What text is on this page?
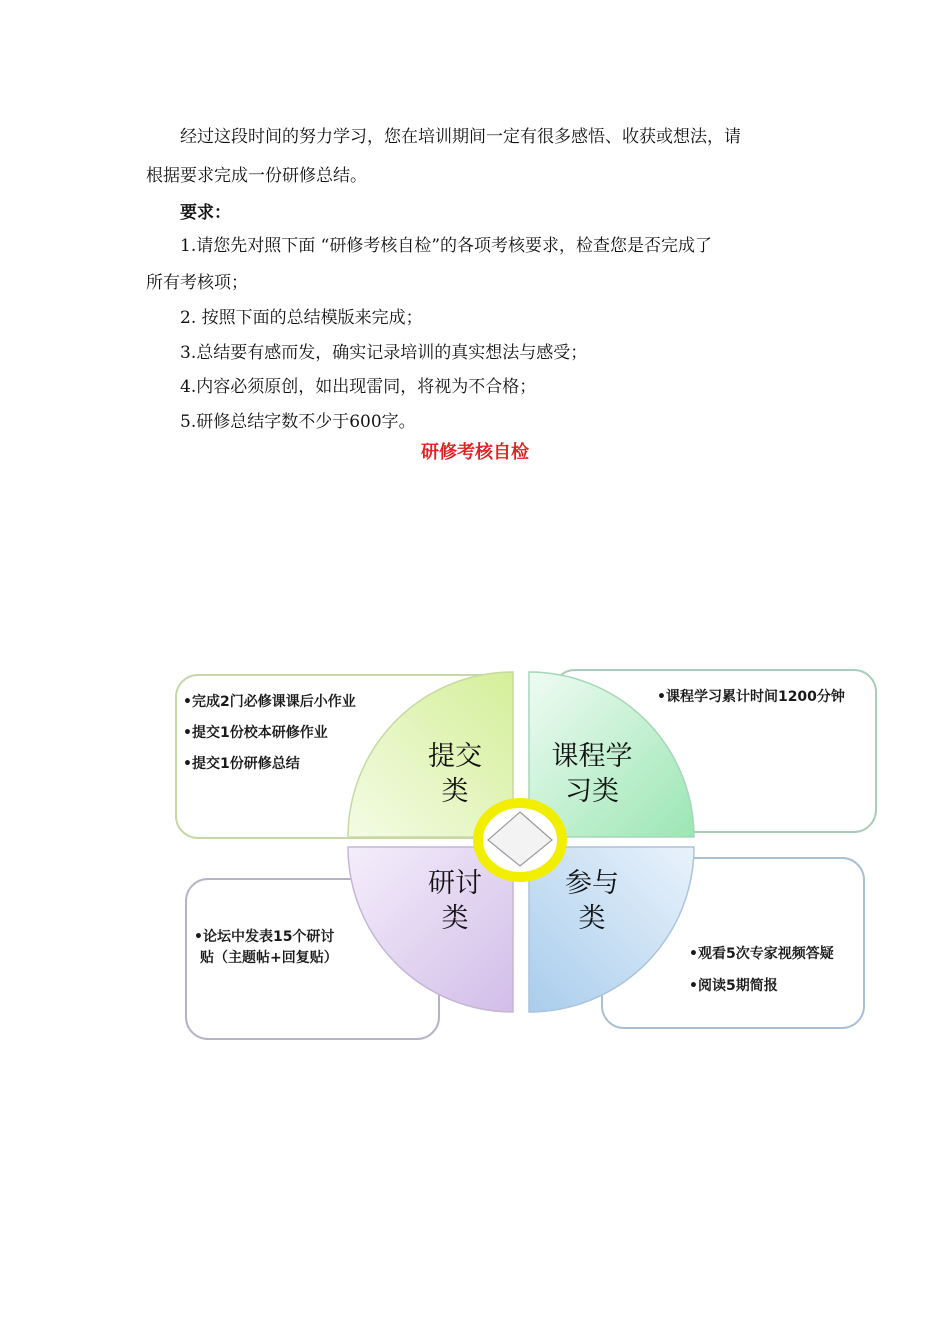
经过这段时间的努力学习，您在培训期间一定有很多感悟、收获或想法，请

根据要求完成一份研修总结。

要求：

1.请您先对照下面 “研修考核自检”的各项考核要求，检查您是否完成了

所有考核项；

2. 按照下面的总结模版来完成；

3.总结要有感而发，确实记录培训的真实想法与感受；

4.内容必须原创，如出现雷同，将视为不合格；

5.研修总结字数不少于600字。

研修考核自检
提交
类
课程学
习类
研讨
类
参与
类
•完成2门必修课课后小作业
•提交1份校本研修作业
•提交1份研修总结
•课程学习累计时间1200分钟
•论坛中发表15个研讨
贴（主题帖+回复贴）	•观看5次专家视频答疑
•阅读5期简报
